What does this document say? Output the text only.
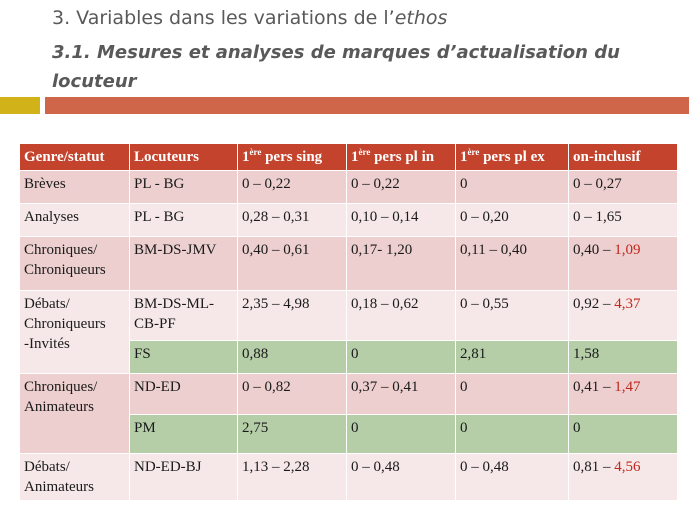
3. Variables dans les variations de l’ethos
3.1. Mesures et analyses de marques d’actualisation du locuteur
Genre/statut	Locuteurs	1ère pers sing	1ère pers pl in	1ère pers pl ex	on-inclusif
Brèves	PL - BG	0 – 0,22	0 – 0,22	0	0 – 0,27
Analyses	PL - BG	0,28 – 0,31	0,10 – 0,14	0 – 0,20	0 – 1,65
Chroniques/
Chroniqueurs	BM-DS-JMV	0,40 – 0,61	0,17- 1,20	0,11 – 0,40	0,40 – 1,09
Débats/
Chroniqueurs
-Invités	BM-DS-ML-
CB-PF	2,35 – 4,98	0,18 – 0,62	0 – 0,55	0,92 – 4,37
	FS	0,88	0	2,81	1,58
Chroniques/
Animateurs	ND-ED	0 – 0,82	0,37 – 0,41	0	0,41 – 1,47
	PM	2,75	0	0	0
Débats/
Animateurs	ND-ED-BJ	1,13 – 2,28	0 – 0,48	0 – 0,48	0,81 – 4,56
